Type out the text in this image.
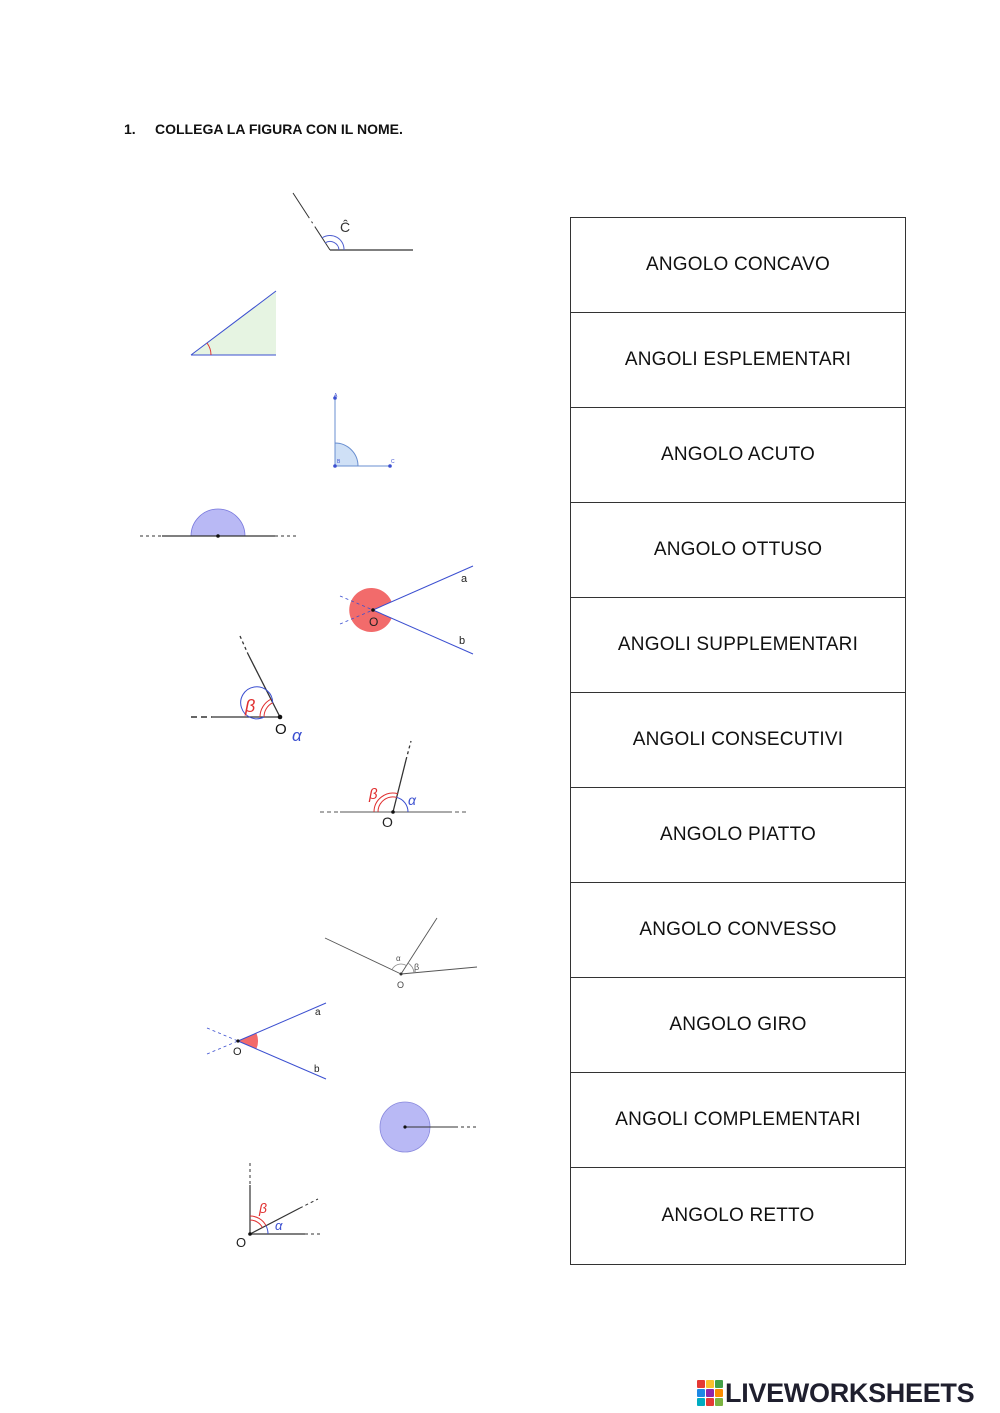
1. COLLEGA LA FIGURA CON IL NOME.
Ĉ
A
B	C
O
a
b
β
O α
β α
O
α
β
O
O
a
b
β
α
O
ANGOLO CONCAVO
ANGOLI ESPLEMENTARI
ANGOLO ACUTO
ANGOLO OTTUSO
ANGOLI SUPPLEMENTARI
ANGOLI CONSECUTIVI
ANGOLO PIATTO
ANGOLO CONVESSO
ANGOLO GIRO
ANGOLI COMPLEMENTARI
ANGOLO RETTO
LIVEWORKSHEETS
